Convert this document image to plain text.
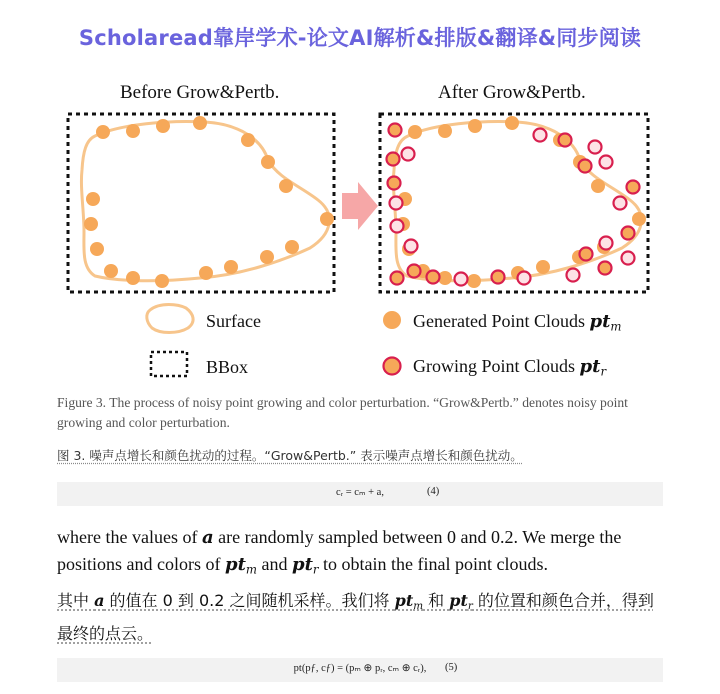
Scholaread靠岸学术-论文AI解析&排版&翻译&同步阅读
Before Grow&Pertb.	After Grow&Pertb.
Surface
BBox
Generated Point Clouds $pt_m$
Growing Point Clouds $pt_r$
Figure 3. The process of noisy point growing and color perturbation. “Grow&Pertb.” denotes noisy point growing and color perturbation.
图 3. 噪声点增长和颜色扰动的过程。“Grow&Pertb.” 表示噪声点增长和颜色扰动。
cᵣ = cₘ + a,	(4)
where the values of a are randomly sampled between 0 and 0.2. We merge the positions and colors of $pt_m$ and $pt_r$ to obtain the final point clouds.
其中 a 的值在 0 到 0.2 之间随机采样。我们将 $pt_m$ 和 $pt_r$ 的位置和颜色合并，得到最终的点云。
pt(pƒ, cƒ) = (pₘ ⊕ pᵣ, cₘ ⊕ cᵣ),	(5)
